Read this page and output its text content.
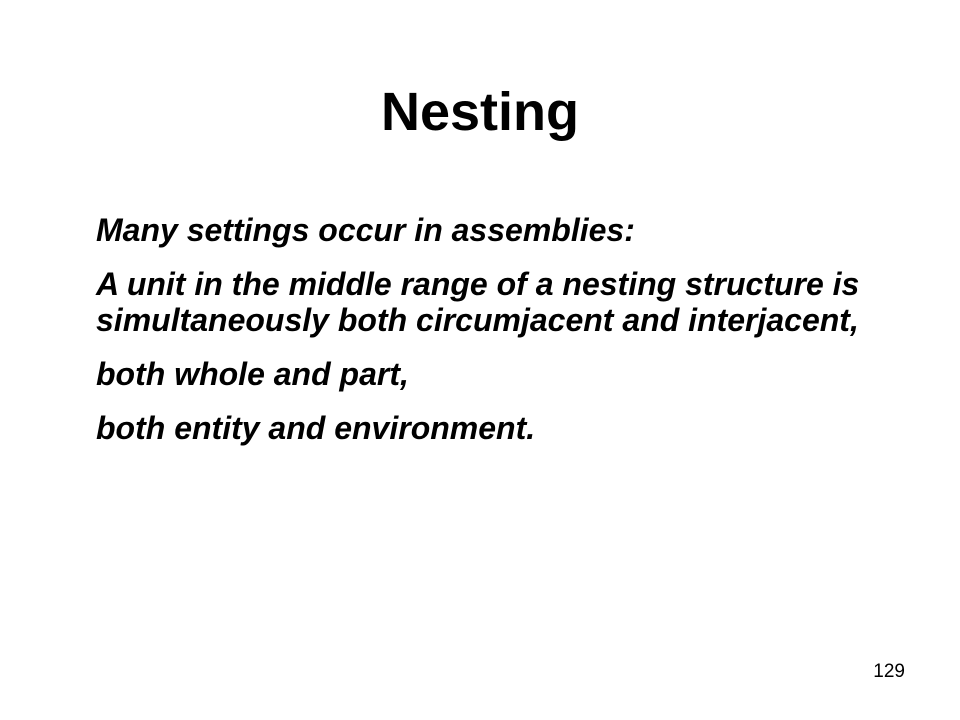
Nesting
Many settings occur in assemblies:
A unit in the middle range of a nesting structure is simultaneously both circumjacent and interjacent,
both whole and part,
both entity and environment.
129
